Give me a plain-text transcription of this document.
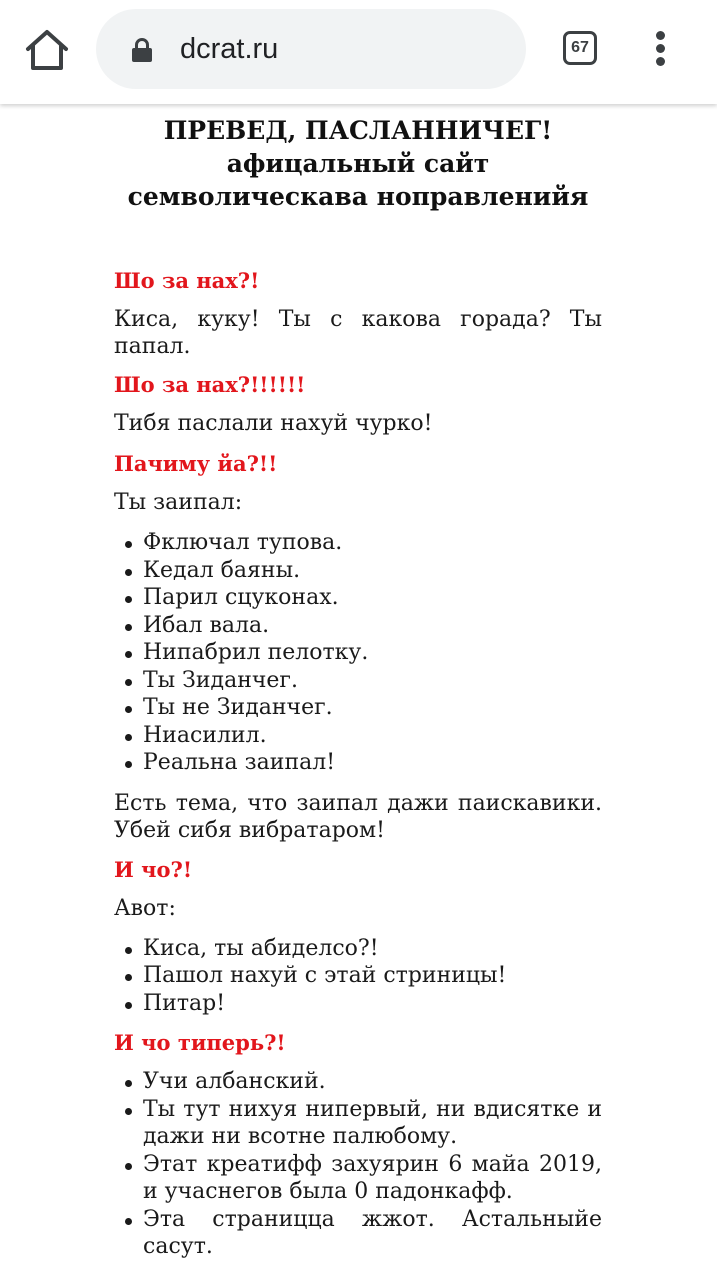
dcrat.ru	67
ПРЕВЕД, ПАСЛАННИЧЕГ!
афицальный сайт
семволическава ноправленийя
Шо за нах?!

Киса, куку! Ты с какова горада? Ты папал.

Шо за нах?!!!!!!

Тибя паслали нахуй чурко!

Пачиму йа?!!

Ты заипал:

Фключал тупова.
Кедал баяны.
Парил сцуконах.
Ибал вала.
Нипабрил пелотку.
Ты Зиданчег.
Ты не Зиданчег.
Ниасилил.
Реальна заипал!

Есть тема, что заипал дажи паискавики. Убей сибя вибратаром!

И чо?!

Авот:

Киса, ты абиделсо?!
Пашол нахуй с этай стриницы!
Питар!
И чо типерь?!
Учи албанский.
Ты тут нихуя нипервый, ни вдисятке и дажи ни всотне палюбому.
Этат креатифф захуярин 6 майа 2019, и учаснегов была 0 падонкафф.
Эта страницца жжот. Астальныйе сасут.
